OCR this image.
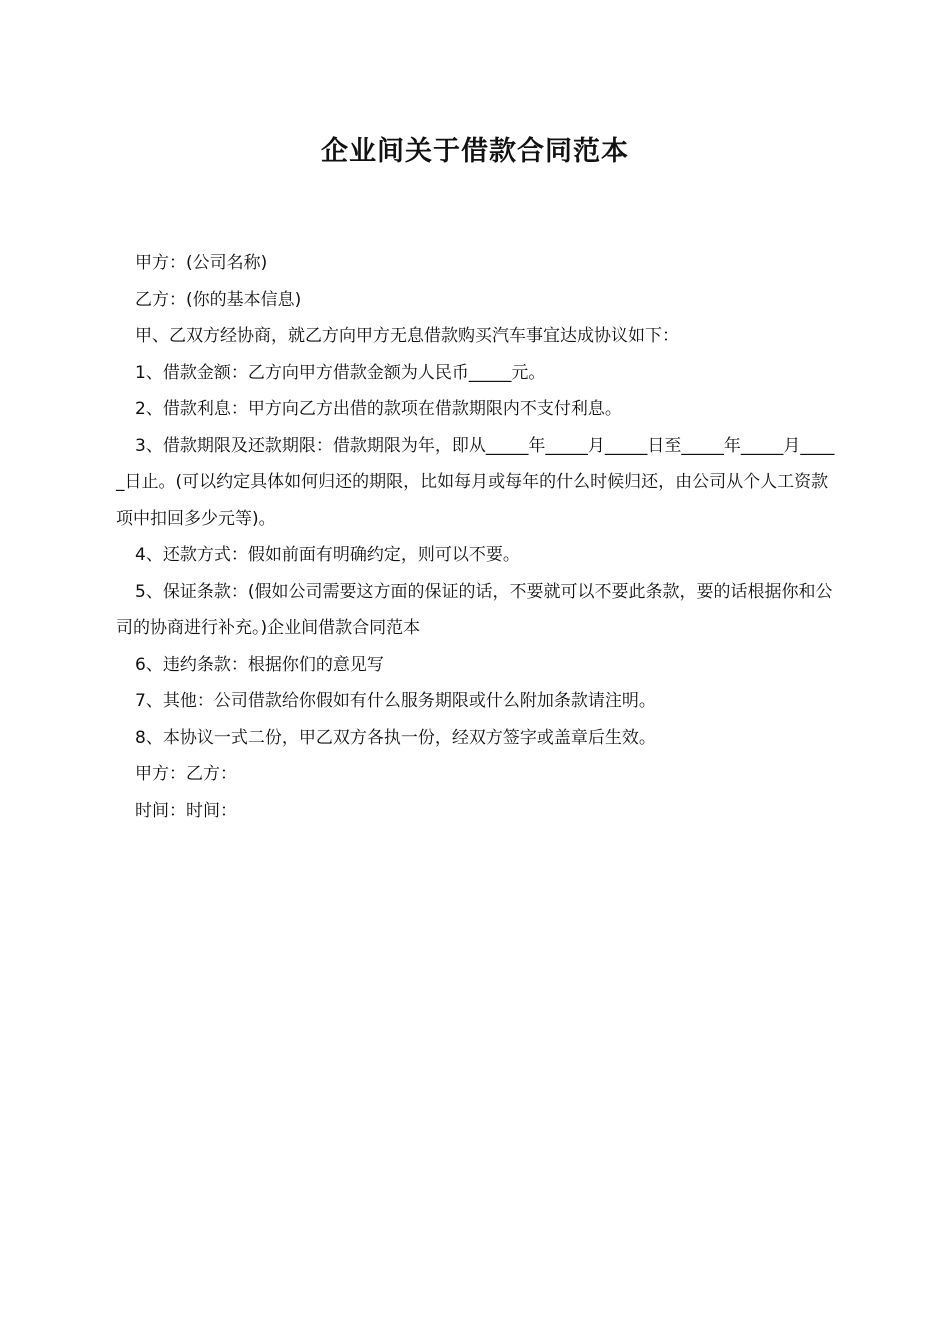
企业间关于借款合同范本

甲方：(公司名称)

乙方：(你的基本信息)

甲、乙双方经协商，就乙方向甲方无息借款购买汽车事宜达成协议如下：

1、借款金额：乙方向甲方借款金额为人民币_____元。

2、借款利息：甲方向乙方出借的款项在借款期限内不支付利息。

3、借款期限及还款期限：借款期限为年，即从_____年_____月_____日至_____年_____月_____日止。(可以约定具体如何归还的期限，比如每月或每年的什么时候归还，由公司从个人工资款项中扣回多少元等)。

4、还款方式：假如前面有明确约定，则可以不要。

5、保证条款：(假如公司需要这方面的保证的话，不要就可以不要此条款，要的话根据你和公司的协商进行补充。)企业间借款合同范本

6、违约条款：根据你们的意见写

7、其他：公司借款给你假如有什么服务期限或什么附加条款请注明。

8、本协议一式二份，甲乙双方各执一份，经双方签字或盖章后生效。

甲方：乙方：

时间：时间：
